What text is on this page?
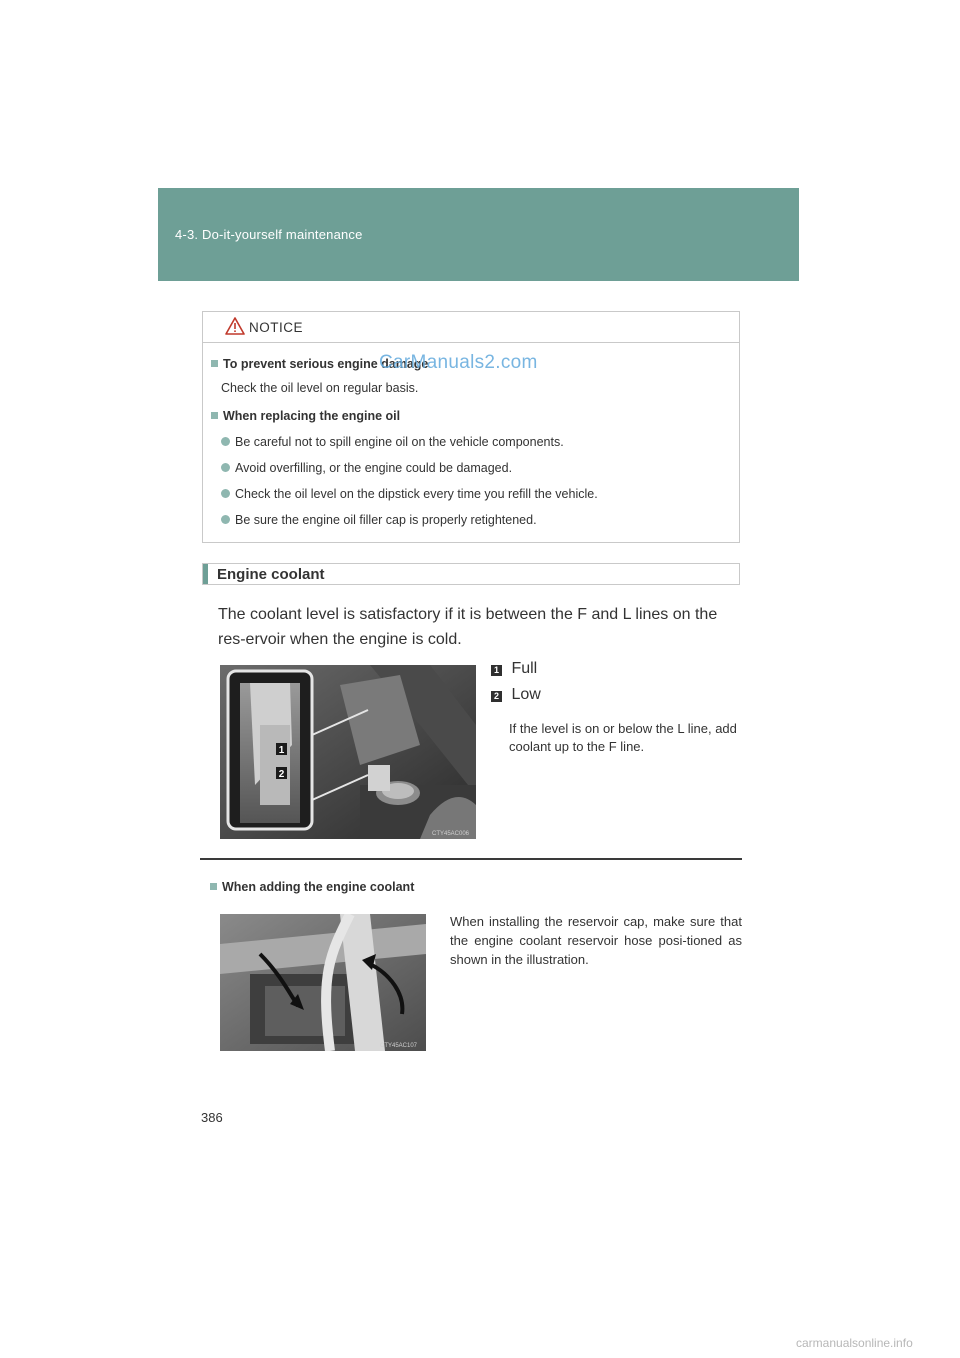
4-3. Do-it-yourself maintenance
NOTICE
To prevent serious engine damage
Check the oil level on regular basis.
When replacing the engine oil
Be careful not to spill engine oil on the vehicle components.
Avoid overfilling, or the engine could be damaged.
Check the oil level on the dipstick every time you refill the vehicle.
Be sure the engine oil filler cap is properly retightened.
CarManuals2.com
Engine coolant
The coolant level is satisfactory if it is between the F and L lines on the res-ervoir when the engine is cold.
1
2
CTY45AC006
1 Full
2 Low
If the level is on or below the L line, add coolant up to the F line.
When adding the engine coolant
CTY45AC107
When installing the reservoir cap, make sure that the engine coolant reservoir hose posi-tioned as shown in the illustration.
386
carmanualsonline.info
